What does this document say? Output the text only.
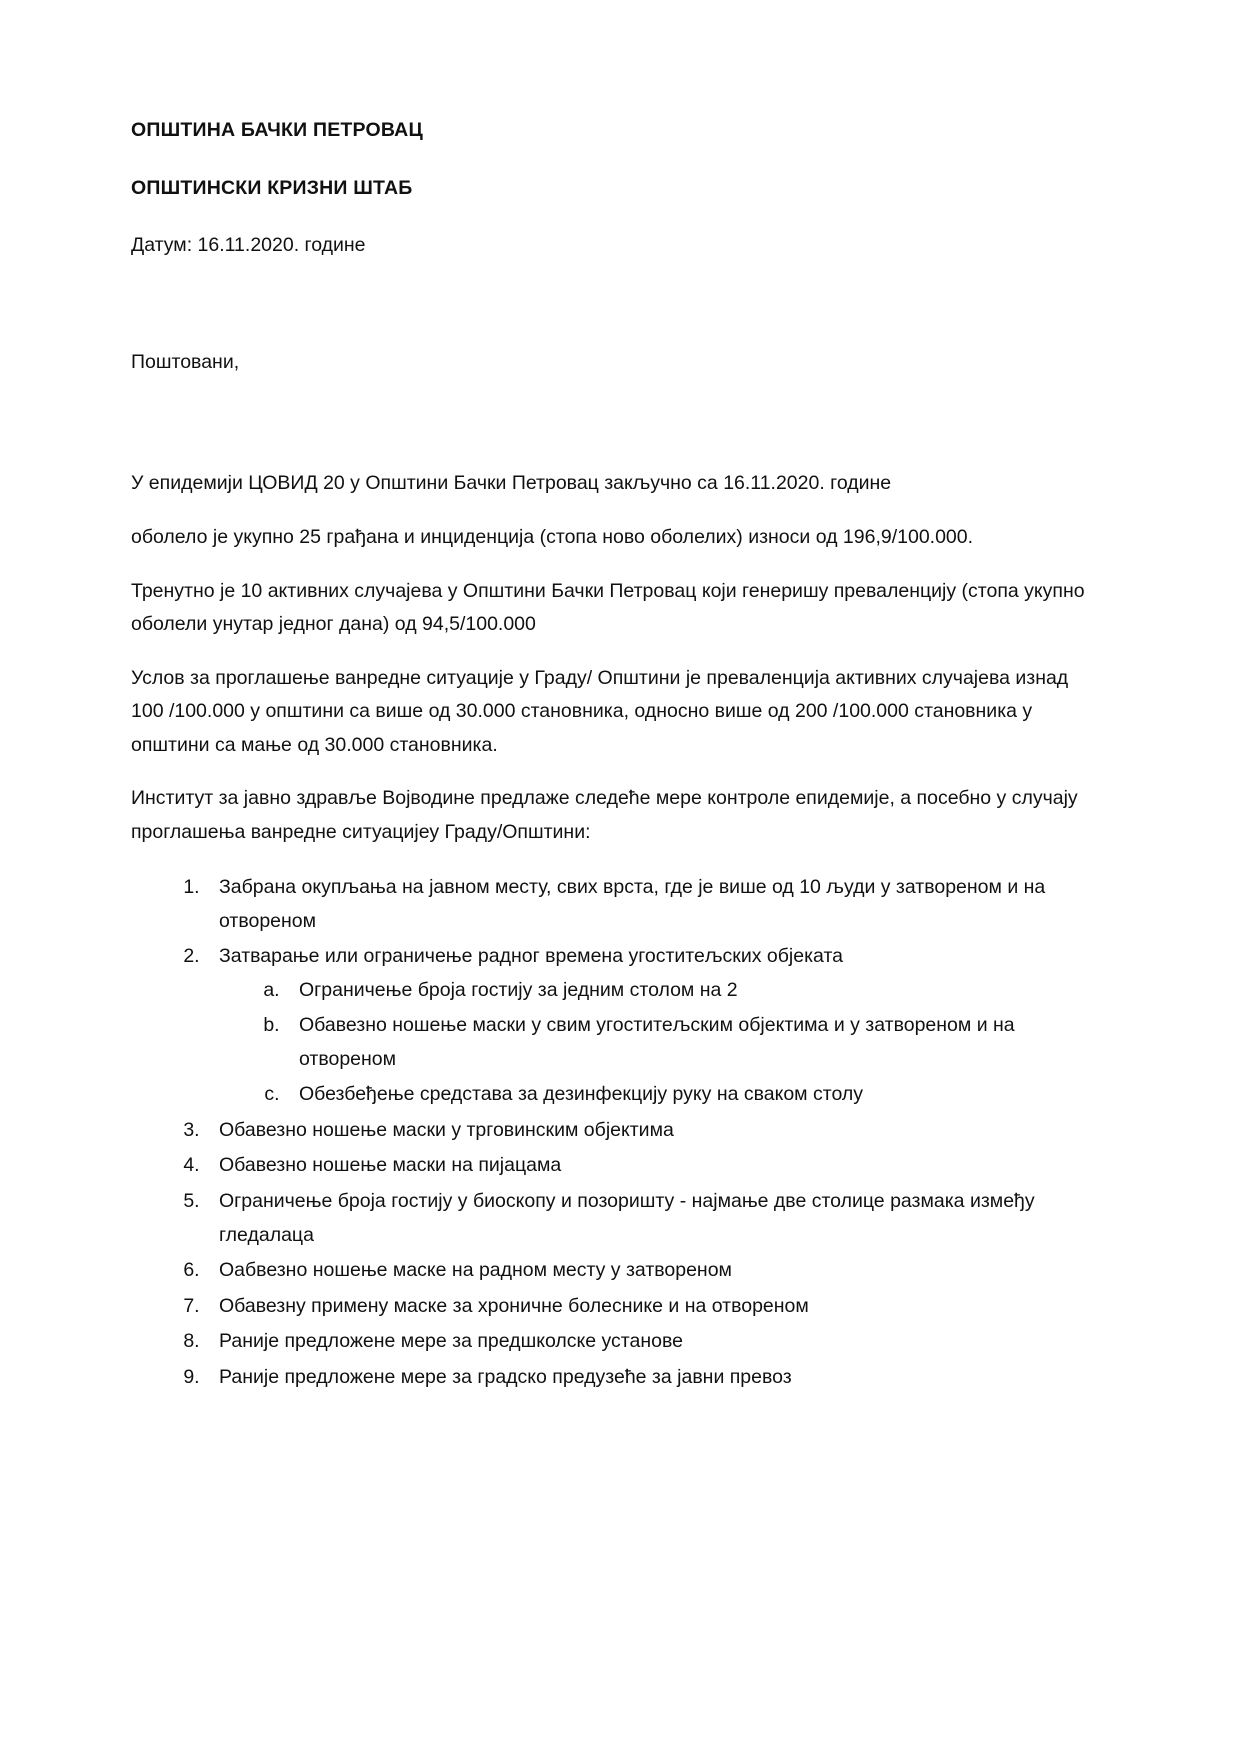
ОПШТИНА БАЧКИ ПЕТРОВАЦ
ОПШТИНСКИ КРИЗНИ ШТАБ
Датум: 16.11.2020. године
Поштовани,

У епидемији ЦОВИД 20 у Општини Бачки Петровац закључно са 16.11.2020. године

оболело је укупно 25 грађана и инциденција (стопа ново оболелих) износи од 196,9/100.000.

Тренутно је 10 активних случајева у Општини Бачки Петровац који генеришу преваленцију (стопа укупно оболели унутар једног дана) од 94,5/100.000

Услов за проглашење ванредне ситуације у Граду/ Општини је преваленција активних случајева изнад 100 /100.000 у општини са више од 30.000 становника, односно више од 200 /100.000 становника у општини са мање од 30.000 становника.

Институт за јавно здравље Војводине предлаже следеће мере контроле епидемије, а посебно у случају проглашења ванредне ситуацијеу Граду/Општини:

1. Забрана окупљања на јавном месту, свих врста, где је више од 10 људи у затвореном и на отвореном
2. Затварање или ограничење радног времена угоститељских објеката
a. Ограничење броја гостију за једним столом на 2
b. Обавезно ношење маски у свим угоститељским објектима и у затвореном и на отвореном
c. Обезбеђење средстава за дезинфекцију руку на сваком столу
3. Обавезно ношење маски у трговинским објектима
4. Обавезно ношење маски на пијацама
5. Ограничење броја гостију у биоскопу и позоришту - најмање две столице размака између гледалаца
6. Оабвезно ношење маске на радном месту у затвореном
7. Обавезну примену маске за хроничне болеснике и на отвореном
8. Раније предложене мере за предшколске установе
9. Раније предложене мере за градско предузеће за јавни превоз
